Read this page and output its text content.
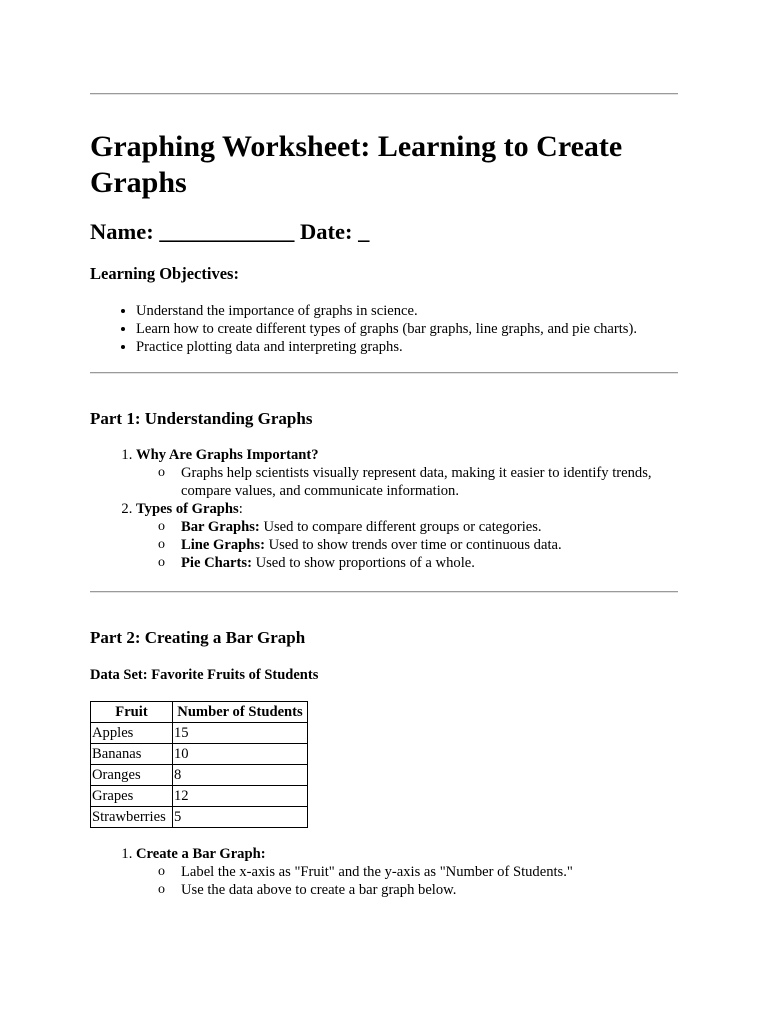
Graphing Worksheet: Learning to Create Graphs
Name: ____________ Date: _
Learning Objectives:
• Understand the importance of graphs in science.
• Learn how to create different types of graphs (bar graphs, line graphs, and pie charts).
• Practice plotting data and interpreting graphs.
Part 1: Understanding Graphs
1. Why Are Graphs Important?
o Graphs help scientists visually represent data, making it easier to identify trends, compare values, and communicate information.
2. Types of Graphs:
o Bar Graphs: Used to compare different groups or categories.
o Line Graphs: Used to show trends over time or continuous data.
o Pie Charts: Used to show proportions of a whole.
Part 2: Creating a Bar Graph
Data Set: Favorite Fruits of Students
Fruit	Number of Students
Apples	15
Bananas	10
Oranges	8
Grapes	12
Strawberries	5
1. Create a Bar Graph:
o Label the x-axis as "Fruit" and the y-axis as "Number of Students."
o Use the data above to create a bar graph below.
